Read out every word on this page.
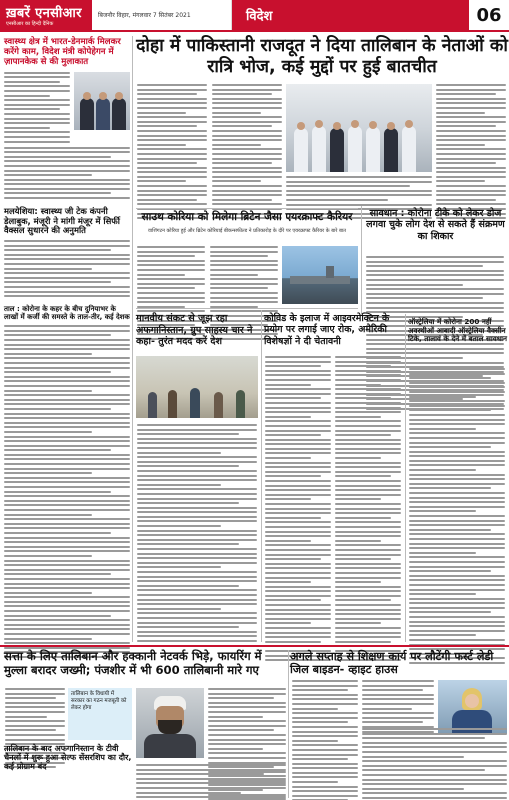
ख़बरें एनसीआर
एनसीआर का हिन्दी दैनिक
बिजनौर विहार, मंगलवार 7 सितंबर 2021	विदेश	06
स्वास्थ्य क्षेत्र में भारत-डेनमार्क मिलकर करेंगे काम, विदेश मंत्री कोपेहेगन में ज़ापानकेक से की मुलाकात
मलयेशिया: स्वास्थ्य जी टेक कंपनी डेलाबुक, मंजूरी ने मांगी मंजूर में सिर्फी वैक्सल सुधारने की अनुमति
ताल : कोरोना के कहर के बीच दुनियाभर के लाखों में कर्जी की समस्ते के ताल-तीर, कई देशक
दोहा में पाकिस्तानी राजदूत ने दिया तालिबान के नेताओं को रात्रि भोज, कई मुद्दों पर हुई बातचीत
साउथ कोरिया को मिलेगा ब्रिटेन जैसा एयरक्राफ्ट कैरियर
वाशिंगटन कोरिया हुई और ब्रिटेन कोरियाई बीकन्सफील्ड ने प्रतिकारोड़ के दौरे पर एयरक्राफ्ट कैरियर के बारे बात
सावधान : कोरोना टीके को लेकर डोज लगवा चुके लोग देश से सकते हैं संक्रमण का शिकार
मानवीय संकट से जूझ रहा अफगानिस्तान, ग्रुप साहस्य चार ने कहा- तुरंत मदद करें देश
कोविड के इलाज में आइवरमेक्टिन के प्रयोग पर लगाई जाए रोक, अमेरिकी विशेषज्ञों ने दी चेतावनी
ऑस्ट्रेलिया में कोरोना 200 नहीं अवस्थीओं आबादी ऑस्ट्रेलिया वैक्सीन टिके, तालावं के देने में बताल सावधान
सत्ता के लिए तालिबान और हक्कानी नेटवर्क भिड़े, फायरिंग में मुल्ला बरादर जख्मी; पंजशीर में भी 600 तालिबानी मारे गए
अगले सप्ताह से शिक्षण कार्य पर लौटेंगी फर्स्ट लेडी जिल बाइडन- व्हाइट हाउस
तालिबान के बाद अफगानिस्तान के टीवी चैनलों में शुरू हुआ सेल्फ सेंसरशिप का दौर, कई प्रोग्राम बंद
तालिबान के विधायी में सरकार का गठन मजबूती को लेकर होगा
